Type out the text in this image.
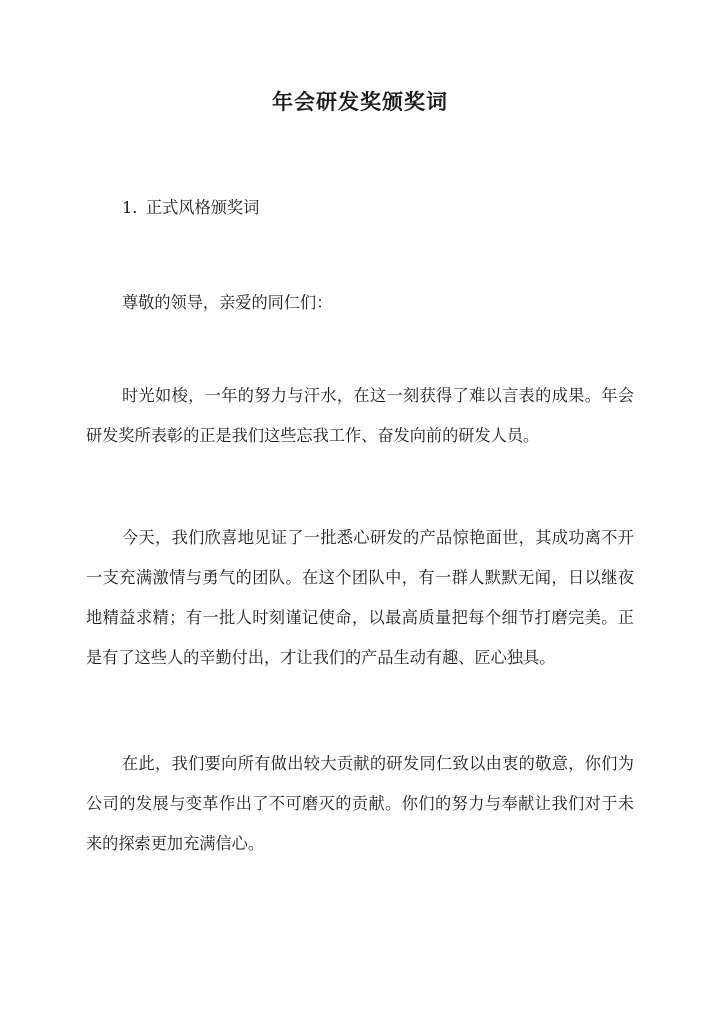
年会研发奖颁奖词

1. 正式风格颁奖词

尊敬的领导，亲爱的同仁们：

时光如梭，一年的努力与汗水，在这一刻获得了难以言表的成果。年会研发奖所表彰的正是我们这些忘我工作、奋发向前的研发人员。

今天，我们欣喜地见证了一批悉心研发的产品惊艳面世，其成功离不开一支充满激情与勇气的团队。在这个团队中，有一群人默默无闻，日以继夜地精益求精；有一批人时刻谨记使命，以最高质量把每个细节打磨完美。正是有了这些人的辛勤付出，才让我们的产品生动有趣、匠心独具。

在此，我们要向所有做出较大贡献的研发同仁致以由衷的敬意，你们为公司的发展与变革作出了不可磨灭的贡献。你们的努力与奉献让我们对于未来的探索更加充满信心。
